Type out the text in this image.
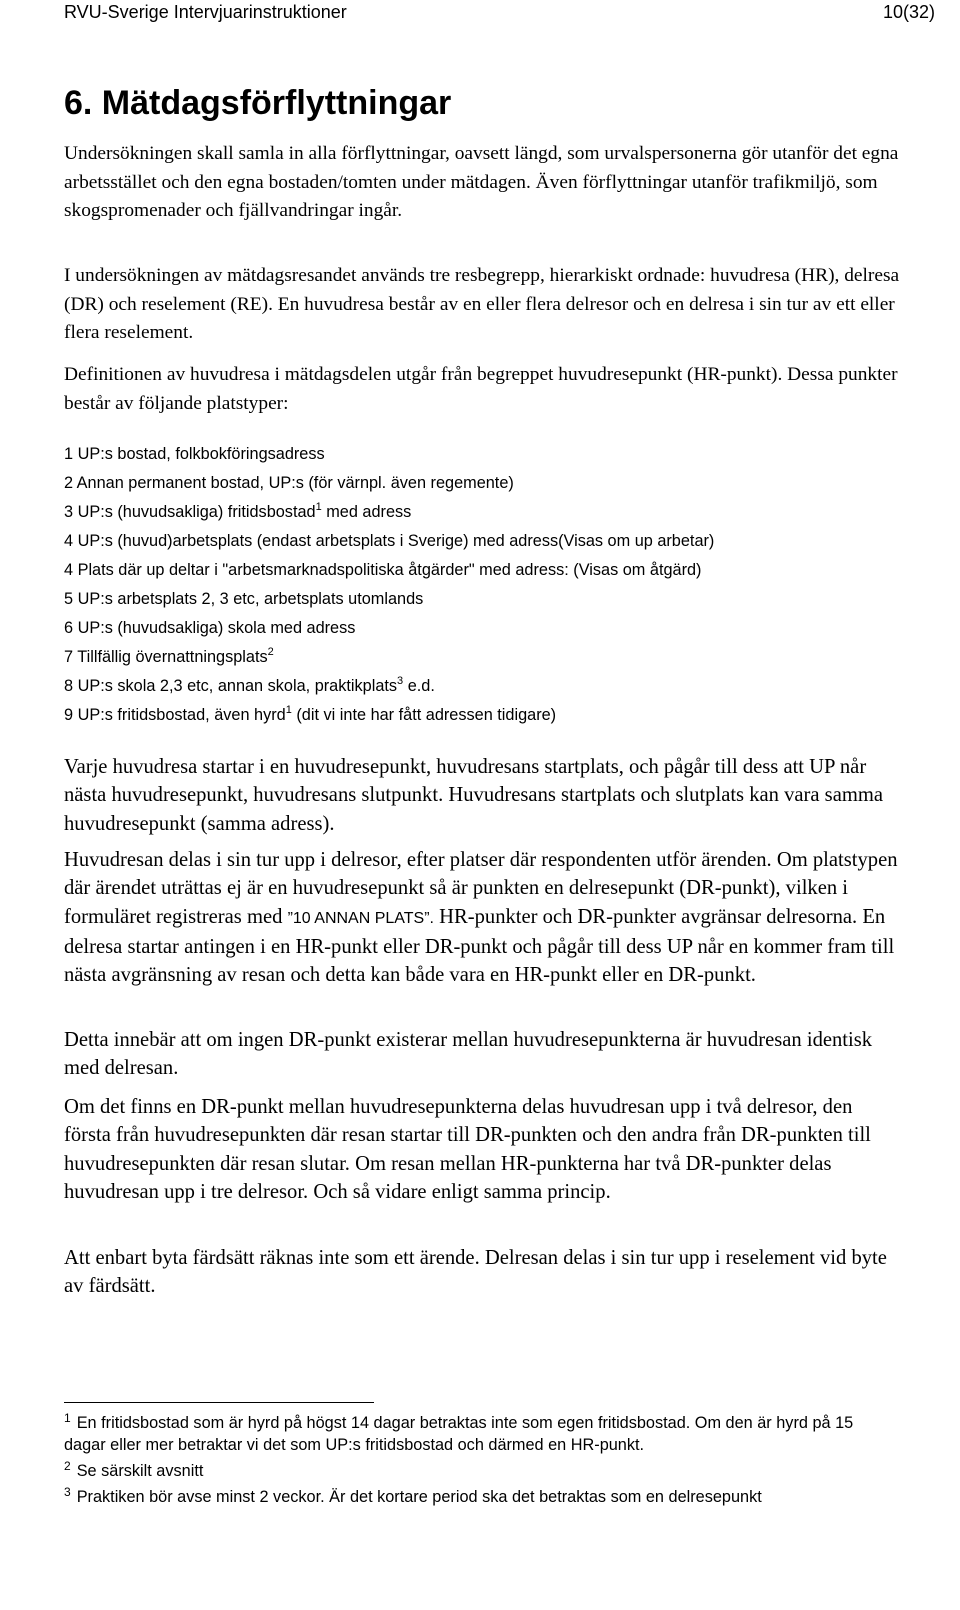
RVU-Sverige Intervjuarinstruktioner	10(32)
6. Mätdagsförflyttningar

Undersökningen skall samla in alla förflyttningar, oavsett längd, som urvalspersonerna gör utanför det egna arbetsstället och den egna bostaden/tomten under mätdagen. Även förflyttningar utanför trafikmiljö, som skogspromenader och fjällvandringar ingår.

I undersökningen av mätdagsresandet används tre resbegrepp, hierarkiskt ordnade: huvudresa (HR), delresa (DR) och reselement (RE). En huvudresa består av en eller flera delresor och en delresa i sin tur av ett eller flera reselement.

Definitionen av huvudresa i mätdagsdelen utgår från begreppet huvudresepunkt (HR-punkt). Dessa punkter består av följande platstyper:

1 UP:s bostad, folkbokföringsadress
2 Annan permanent bostad, UP:s (för värnpl. även regemente)
3 UP:s (huvudsakliga) fritidsbostad$^1$ med adress
4 UP:s (huvud)arbetsplats (endast arbetsplats i Sverige) med adress(Visas om up arbetar)
4 Plats där up deltar i "arbetsmarknadspolitiska åtgärder" med adress: (Visas om åtgärd)
5 UP:s arbetsplats 2, 3 etc, arbetsplats utomlands
6 UP:s (huvudsakliga) skola med adress
7 Tillfällig övernattningsplats$^2$
8 UP:s skola 2,3 etc, annan skola, praktikplats$^3$ e.d.
9 UP:s fritidsbostad, även hyrd$^1$ (dit vi inte har fått adressen tidigare)

Varje huvudresa startar i en huvudresepunkt, huvudresans startplats, och pågår till dess att UP når nästa huvudresepunkt, huvudresans slutpunkt. Huvudresans startplats och slutplats kan vara samma huvudresepunkt (samma adress).

Huvudresan delas i sin tur upp i delresor, efter platser där respondenten utför ärenden. Om platstypen där ärendet uträttas ej är en huvudresepunkt så är punkten en delresepunkt (DR-punkt), vilken i formuläret registreras med ”10 ANNAN PLATS”. HR-punkter och DR-punkter avgränsar delresorna. En delresa startar antingen i en HR-punkt eller DR-punkt och pågår till dess UP når en kommer fram till nästa avgränsning av resan och detta kan både vara en HR-punkt eller en DR-punkt.

Detta innebär att om ingen DR-punkt existerar mellan huvudresepunkterna är huvudresan identisk med delresan.

Om det finns en DR-punkt mellan huvudresepunkterna delas huvudresan upp i två delresor, den första från huvudresepunkten där resan startar till DR-punkten och den andra från DR-punkten till huvudresepunkten där resan slutar. Om resan mellan HR-punkterna har två DR-punkter delas huvudresan upp i tre delresor. Och så vidare enligt samma princip.

Att enbart byta färdsätt räknas inte som ett ärende. Delresan delas i sin tur upp i reselement vid byte av färdsätt.

$^1$ En fritidsbostad som är hyrd på högst 14 dagar betraktas inte som egen fritidsbostad. Om den är hyrd på 15 dagar eller mer betraktar vi det som UP:s fritidsbostad och därmed en HR-punkt.
$^2$ Se särskilt avsnitt
$^3$ Praktiken bör avse minst 2 veckor. Är det kortare period ska det betraktas som en delresepunkt
